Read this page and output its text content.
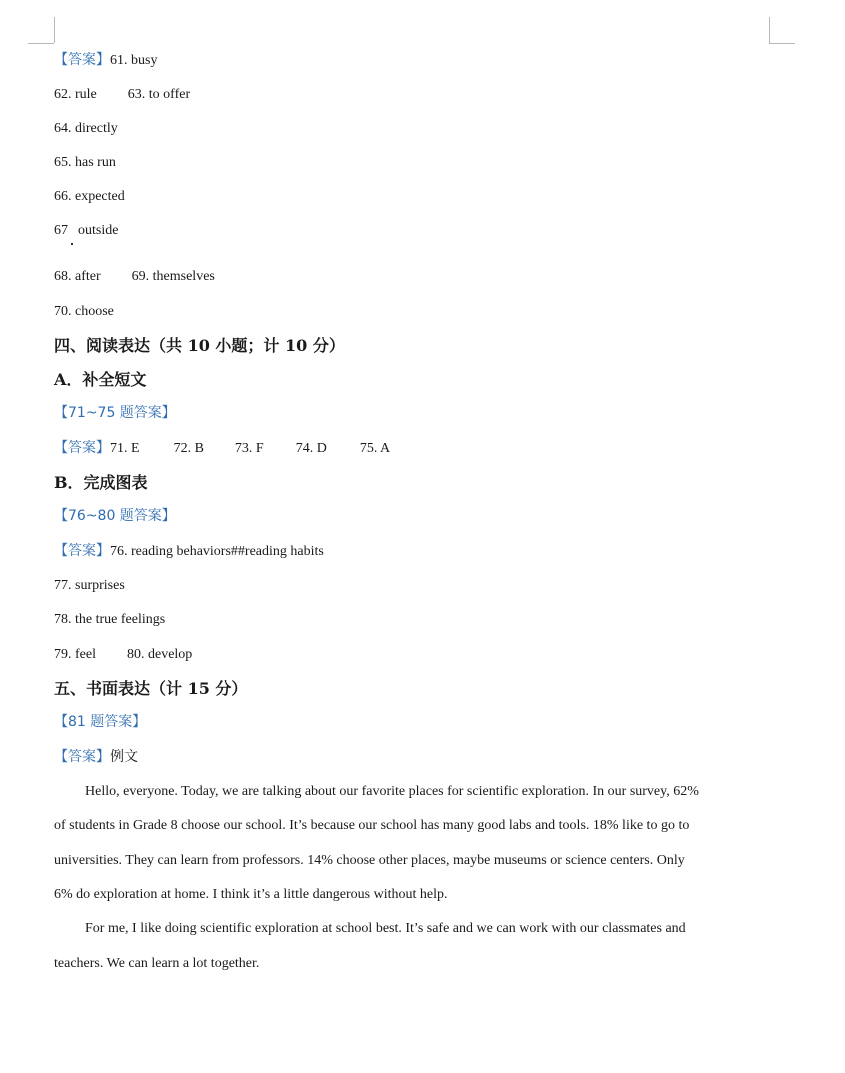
【答案】61. busy
62. rule 63. to offer
64. directly
65. has run
66. expected
67 outside
68. after 69. themselves
70. choose
四、阅读表达（共 10 小题；计 10 分）
A．补全短文
【71~75 题答案】
【答案】71. E 72. B 73. F 74. D 75. A
B．完成图表
【76~80 题答案】
【答案】76. reading behaviors##reading habits
77. surprises
78. the true feelings
79. feel 80. develop
五、书面表达（计 15 分）
【81 题答案】
【答案】例文
Hello, everyone. Today, we are talking about our favorite places for scientific exploration. In our survey, 62%
of students in Grade 8 choose our school. It’s because our school has many good labs and tools. 18% like to go to
universities. They can learn from professors. 14% choose other places, maybe museums or science centers. Only
6% do exploration at home. I think it’s a little dangerous without help.
For me, I like doing scientific exploration at school best. It’s safe and we can work with our classmates and
teachers. We can learn a lot together.
